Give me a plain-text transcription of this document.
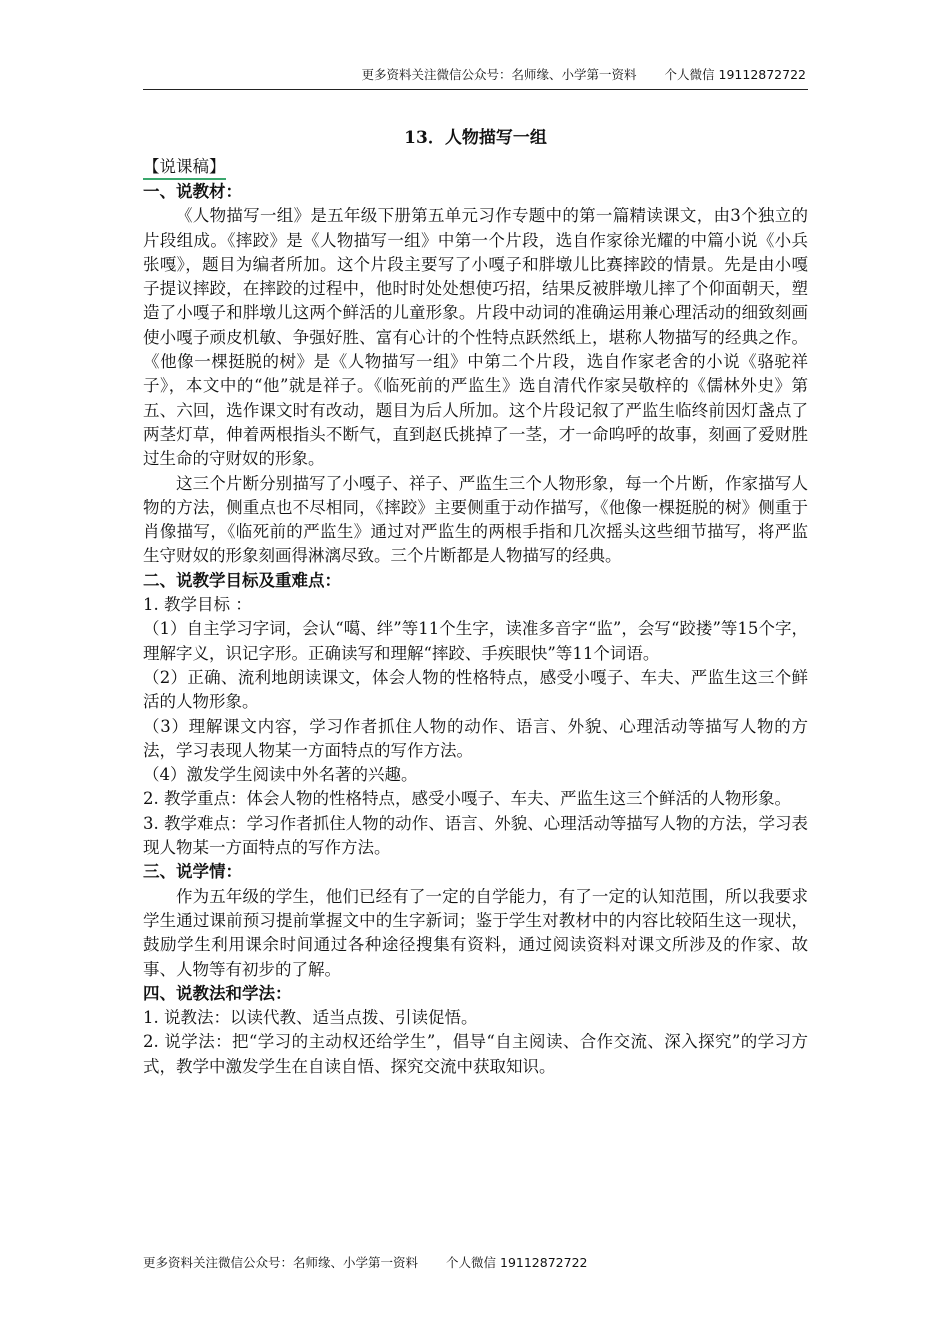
更多资料关注微信公众号：名师缘、小学第一资料 个人微信 19112872722
13．人物描写一组
【说课稿】
一、说教材：

《人物描写一组》是五年级下册第五单元习作专题中的第一篇精读课文，由3个独立的片段组成。《摔跤》是《人物描写一组》中第一个片段，选自作家徐光耀的中篇小说《小兵张嘎》，题目为编者所加。这个片段主要写了小嘎子和胖墩儿比赛摔跤的情景。先是由小嘎子提议摔跤，在摔跤的过程中，他时时处处想使巧招，结果反被胖墩儿摔了个仰面朝天，塑造了小嘎子和胖墩儿这两个鲜活的儿童形象。片段中动词的准确运用兼心理活动的细致刻画使小嘎子顽皮机敏、争强好胜、富有心计的个性特点跃然纸上，堪称人物描写的经典之作。《他像一棵挺脱的树》是《人物描写一组》中第二个片段，选自作家老舍的小说《骆驼祥子》，本文中的“他”就是祥子。《临死前的严监生》选自清代作家吴敬梓的《儒林外史》第五、六回，选作课文时有改动，题目为后人所加。这个片段记叙了严监生临终前因灯盏点了两茎灯草，伸着两根指头不断气，直到赵氏挑掉了一茎，才一命呜呼的故事，刻画了爱财胜过生命的守财奴的形象。

这三个片断分别描写了小嘎子、祥子、严监生三个人物形象，每一个片断，作家描写人物的方法，侧重点也不尽相同，《摔跤》主要侧重于动作描写，《他像一棵挺脱的树》侧重于肖像描写，《临死前的严监生》通过对严监生的两根手指和几次摇头这些细节描写，将严监生守财奴的形象刻画得淋漓尽致。三个片断都是人物描写的经典。

二、说教学目标及重难点：

1. 教学目标 ：

（1）自主学习字词，会认“噶、绊”等11个生字，读准多音字“监”，会写“跤搂”等15个字，理解字义，识记字形。正确读写和理解“摔跤、手疾眼快”等11个词语。

（2）正确、流利地朗读课文，体会人物的性格特点，感受小嘎子、车夫、严监生这三个鲜活的人物形象。

（3）理解课文内容，学习作者抓住人物的动作、语言、外貌、心理活动等描写人物的方法，学习表现人物某一方面特点的写作方法。

（4）激发学生阅读中外名著的兴趣。

2. 教学重点：体会人物的性格特点，感受小嘎子、车夫、严监生这三个鲜活的人物形象。

3. 教学难点：学习作者抓住人物的动作、语言、外貌、心理活动等描写人物的方法，学习表现人物某一方面特点的写作方法。

三、说学情：

作为五年级的学生，他们已经有了一定的自学能力，有了一定的认知范围，所以我要求学生通过课前预习提前掌握文中的生字新词；鉴于学生对教材中的内容比较陌生这一现状，鼓励学生利用课余时间通过各种途径搜集有资料，通过阅读资料对课文所涉及的作家、故事、人物等有初步的了解。

四、说教法和学法：

1. 说教法：以读代教、适当点拨、引读促悟。

2. 说学法：把“学习的主动权还给学生”，倡导“自主阅读、合作交流、深入探究”的学习方式，教学中激发学生在自读自悟、探究交流中获取知识。

更多资料关注微信公众号：名师缘、小学第一资料 个人微信 19112872722
